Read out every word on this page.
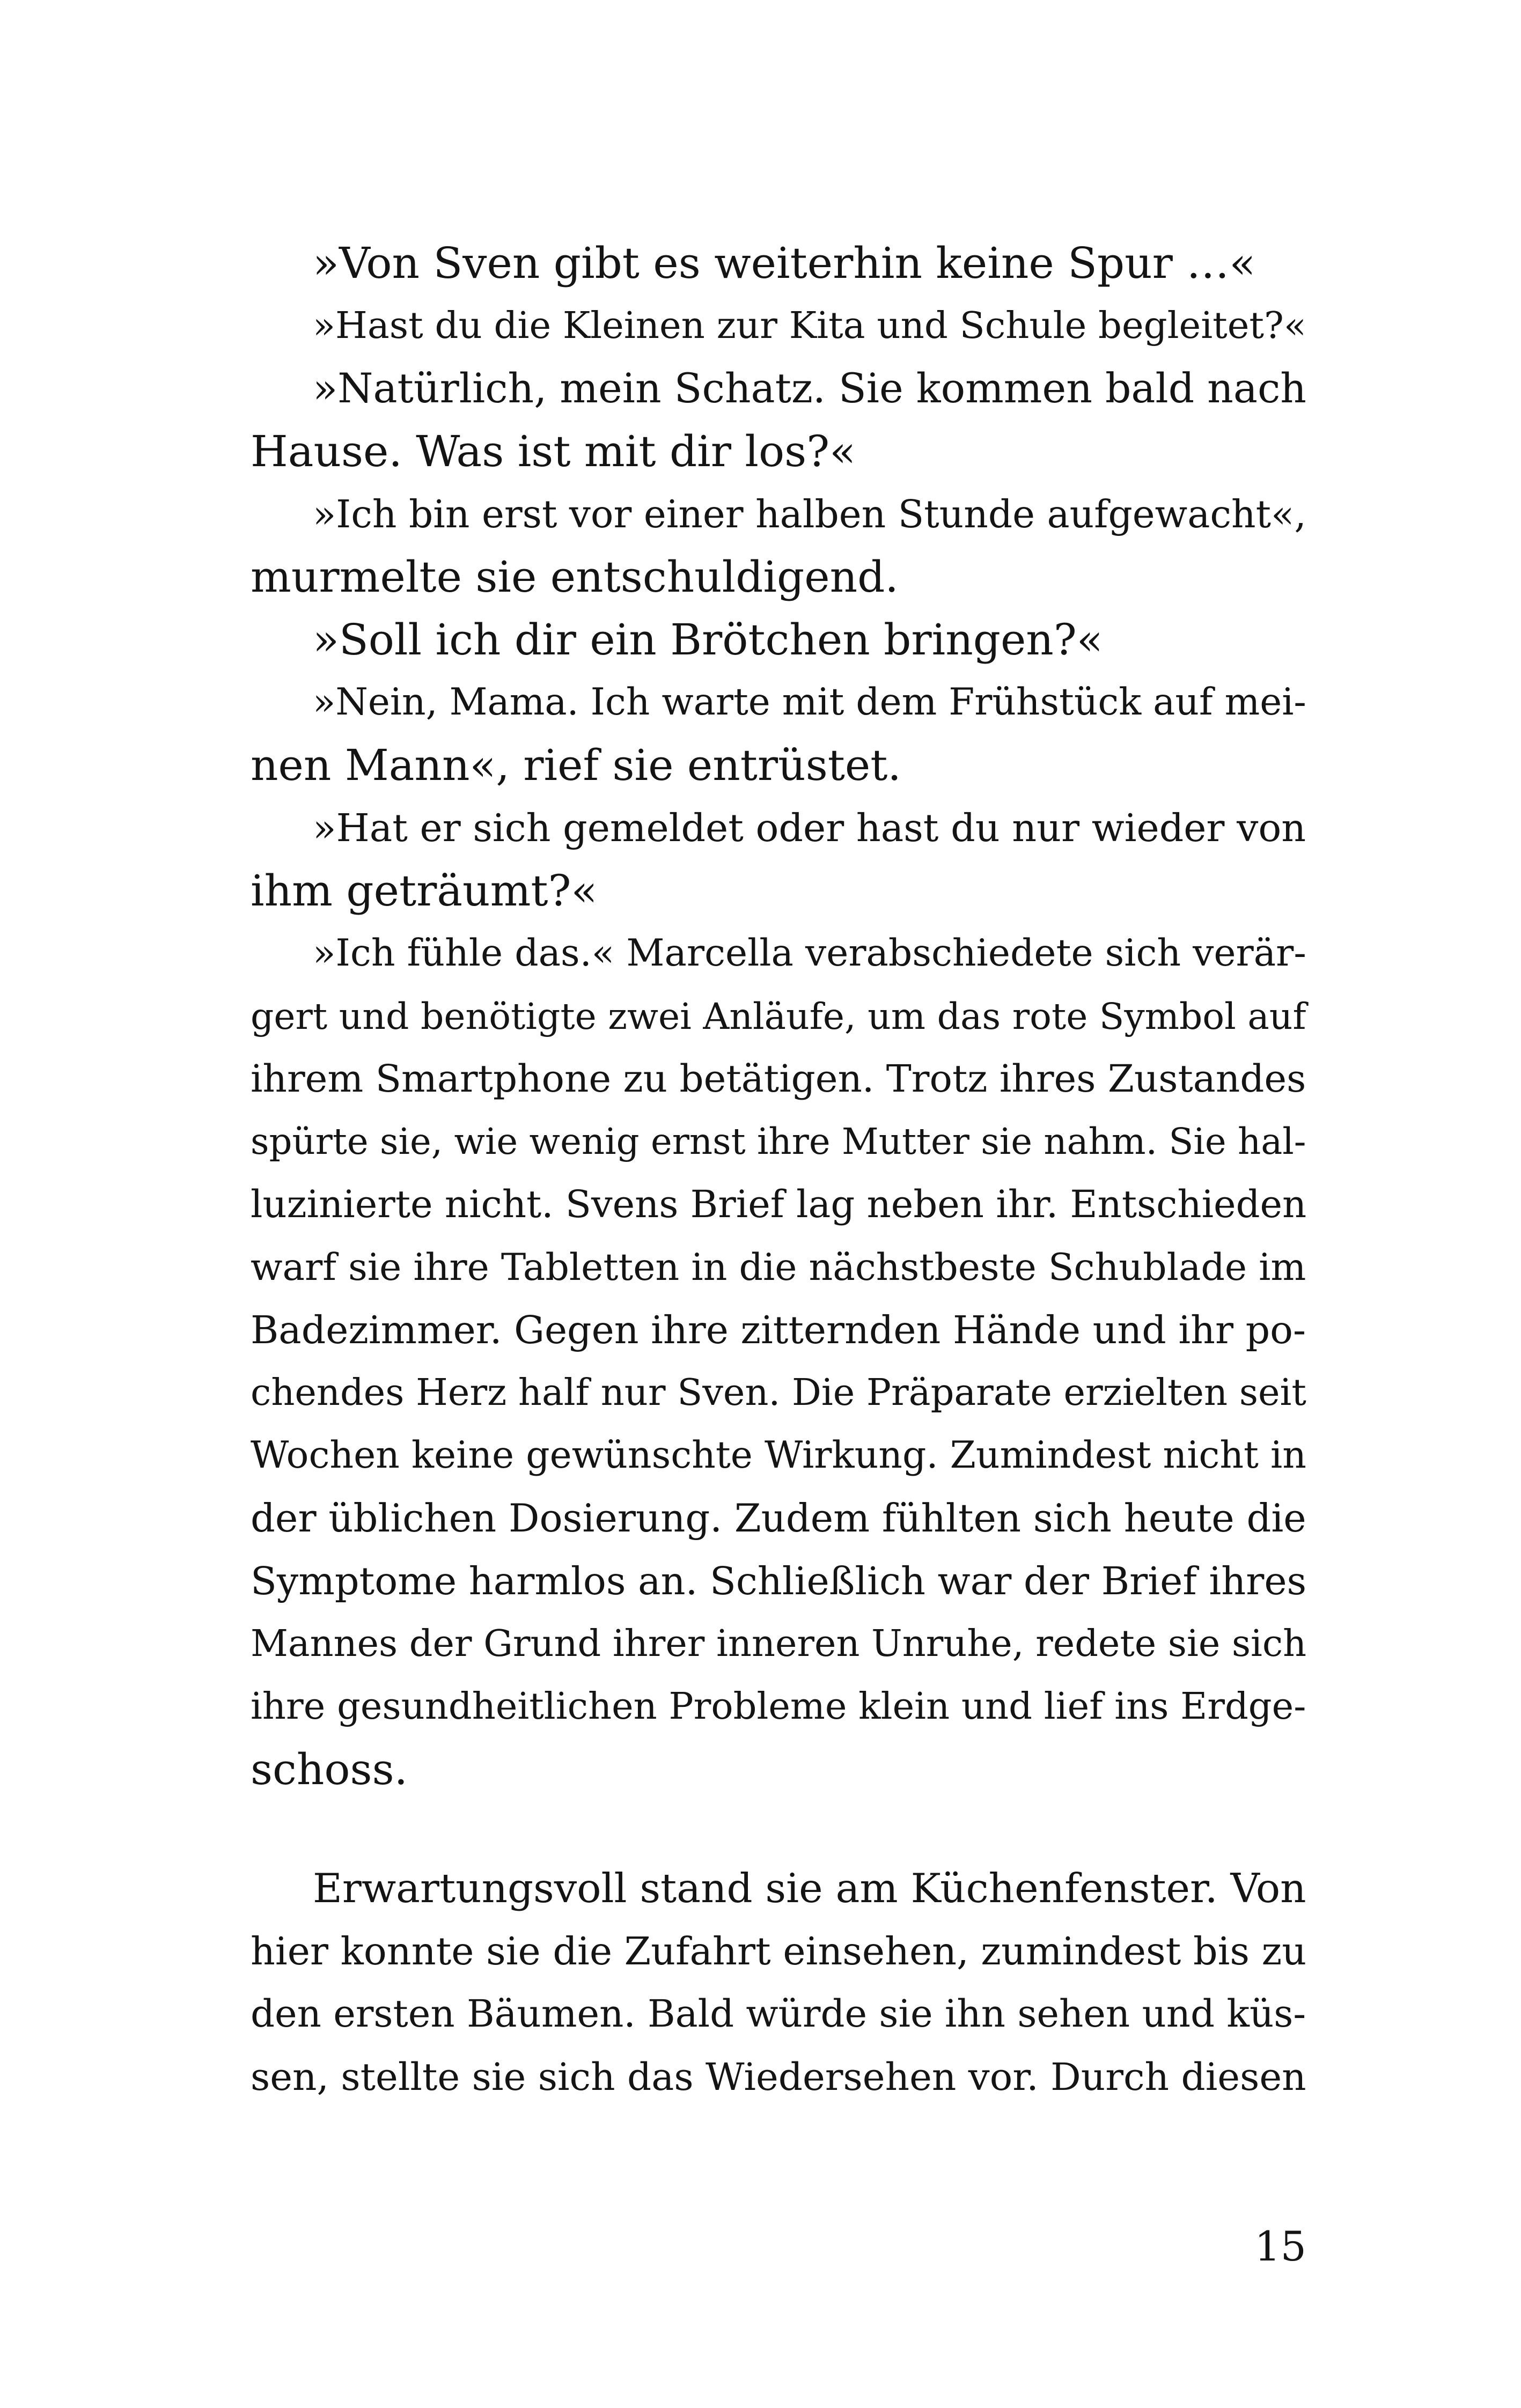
»Von Sven gibt es weiterhin keine Spur …«
»Hast du die Kleinen zur Kita und Schule begleitet?«
»Natürlich, mein Schatz. Sie kommen bald nach
Hause. Was ist mit dir los?«
»Ich bin erst vor einer halben Stunde aufgewacht«,
murmelte sie entschuldigend.
»Soll ich dir ein Brötchen bringen?«
»Nein, Mama. Ich warte mit dem Frühstück auf mei-
nen Mann«, rief sie entrüstet.
»Hat er sich gemeldet oder hast du nur wieder von
ihm geträumt?«
»Ich fühle das.« Marcella verabschiedete sich verär-
gert und benötigte zwei Anläufe, um das rote Symbol auf
ihrem Smartphone zu betätigen. Trotz ihres Zustandes
spürte sie, wie wenig ernst ihre Mutter sie nahm. Sie hal-
luzinierte nicht. Svens Brief lag neben ihr. Entschieden
warf sie ihre Tabletten in die nächstbeste Schublade im
Badezimmer. Gegen ihre zitternden Hände und ihr po-
chendes Herz half nur Sven. Die Präparate erzielten seit
Wochen keine gewünschte Wirkung. Zumindest nicht in
der üblichen Dosierung. Zudem fühlten sich heute die
Symptome harmlos an. Schließlich war der Brief ihres
Mannes der Grund ihrer inneren Unruhe, redete sie sich
ihre gesundheitlichen Probleme klein und lief ins Erdge-
schoss.
Erwartungsvoll stand sie am Küchenfenster. Von
hier konnte sie die Zufahrt einsehen, zumindest bis zu
den ersten Bäumen. Bald würde sie ihn sehen und küs-
sen, stellte sie sich das Wiedersehen vor. Durch diesen
15
